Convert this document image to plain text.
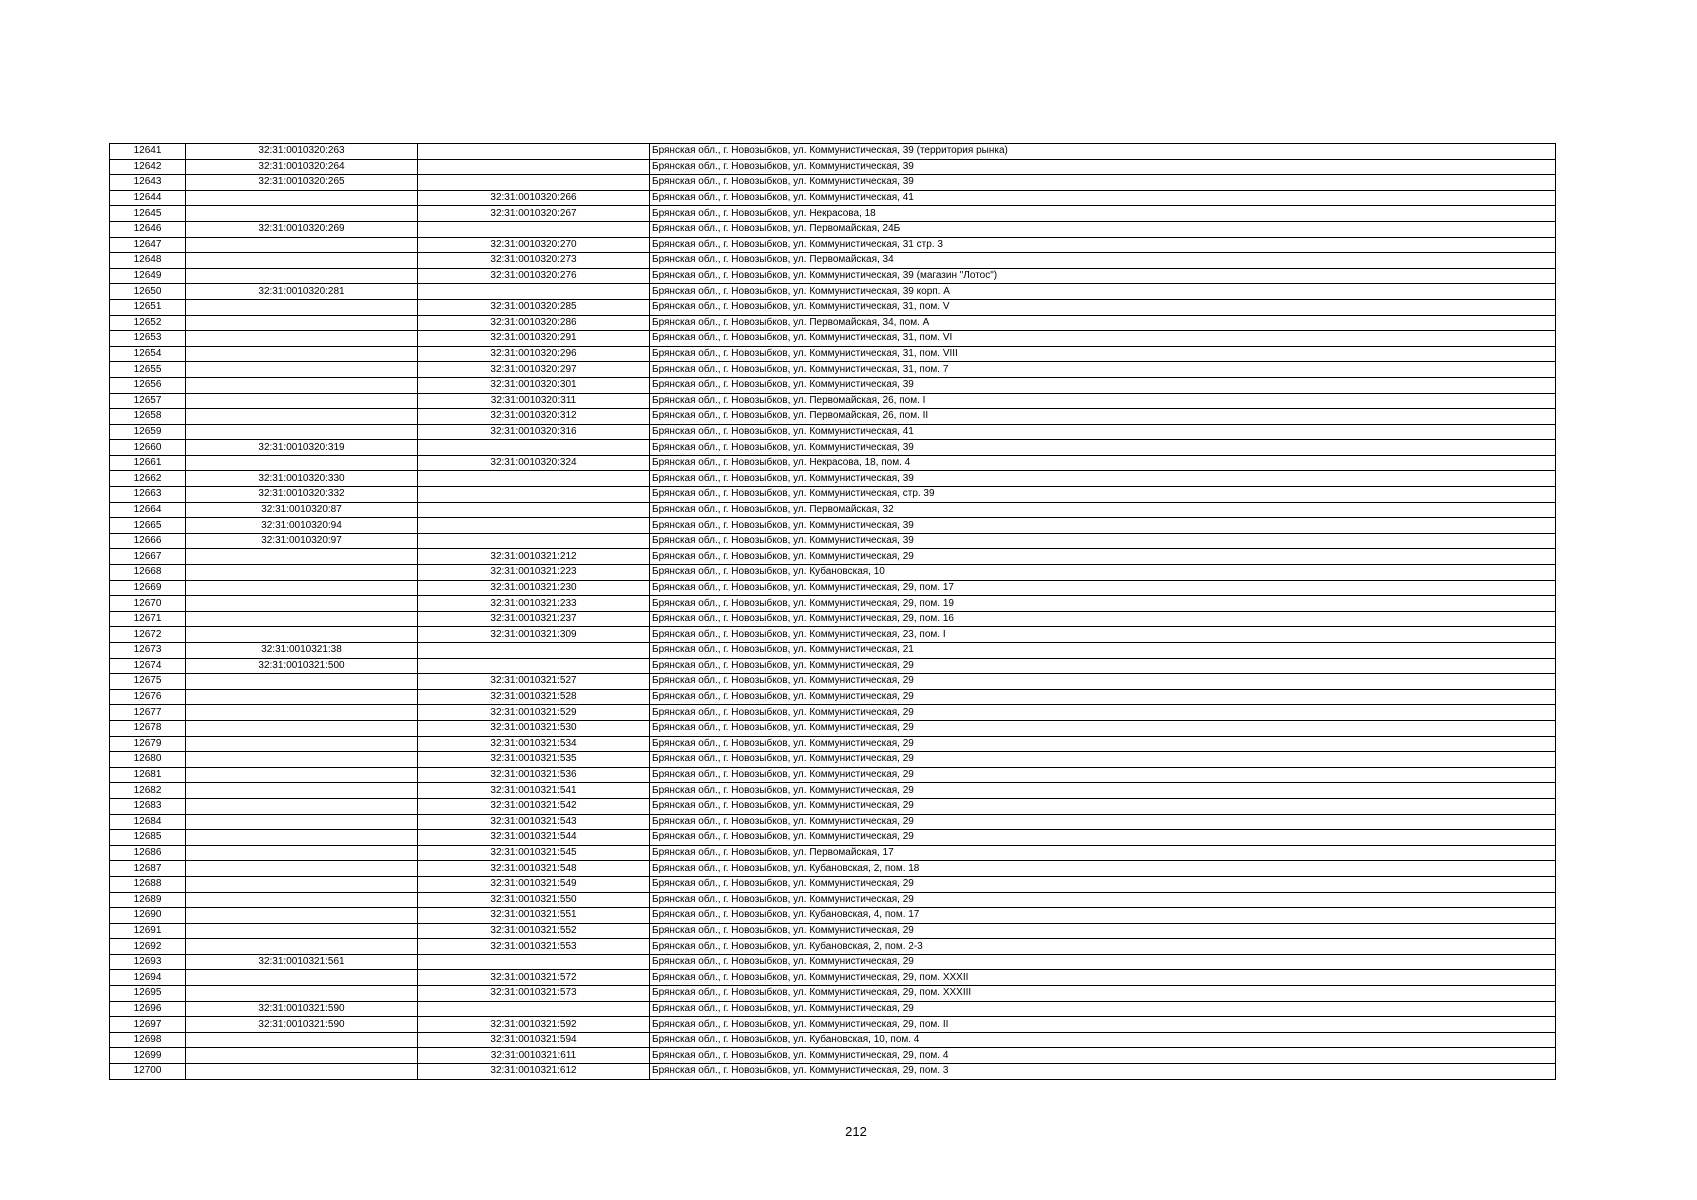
12641	32:31:0010320:263		Брянская обл., г. Новозыбков, ул. Коммунистическая, 39 (территория рынка)
12642	32:31:0010320:264		Брянская обл., г. Новозыбков, ул. Коммунистическая, 39
12643	32:31:0010320:265		Брянская обл., г. Новозыбков, ул. Коммунистическая, 39
12644		32:31:0010320:266	Брянская обл., г. Новозыбков, ул. Коммунистическая, 41
12645		32:31:0010320:267	Брянская обл., г. Новозыбков, ул. Некрасова, 18
12646	32:31:0010320:269		Брянская обл., г. Новозыбков, ул. Первомайская, 24Б
12647		32:31:0010320:270	Брянская обл., г. Новозыбков, ул. Коммунистическая, 31 стр. 3
12648		32:31:0010320:273	Брянская обл., г. Новозыбков, ул. Первомайская, 34
12649		32:31:0010320:276	Брянская обл., г. Новозыбков, ул. Коммунистическая, 39 (магазин "Лотос")
12650	32:31:0010320:281		Брянская обл., г. Новозыбков, ул. Коммунистическая, 39 корп. А
12651		32:31:0010320:285	Брянская обл., г. Новозыбков, ул. Коммунистическая, 31, пом. V
12652		32:31:0010320:286	Брянская обл., г. Новозыбков, ул. Первомайская, 34, пом. А
12653		32:31:0010320:291	Брянская обл., г. Новозыбков, ул. Коммунистическая, 31, пом. VI
12654		32:31:0010320:296	Брянская обл., г. Новозыбков, ул. Коммунистическая, 31, пом. VIII
12655		32:31:0010320:297	Брянская обл., г. Новозыбков, ул. Коммунистическая, 31, пом. 7
12656		32:31:0010320:301	Брянская обл., г. Новозыбков, ул. Коммунистическая, 39
12657		32:31:0010320:311	Брянская обл., г. Новозыбков, ул. Первомайская, 26, пом. I
12658		32:31:0010320:312	Брянская обл., г. Новозыбков, ул. Первомайская, 26, пом. II
12659		32:31:0010320:316	Брянская обл., г. Новозыбков, ул. Коммунистическая, 41
12660	32:31:0010320:319		Брянская обл., г. Новозыбков, ул. Коммунистическая, 39
12661		32:31:0010320:324	Брянская обл., г. Новозыбков, ул. Некрасова, 18, пом. 4
12662	32:31:0010320:330		Брянская обл., г. Новозыбков, ул. Коммунистическая, 39
12663	32:31:0010320:332		Брянская обл., г. Новозыбков, ул. Коммунистическая, стр. 39
12664	32:31:0010320:87		Брянская обл., г. Новозыбков, ул. Первомайская, 32
12665	32:31:0010320:94		Брянская обл., г. Новозыбков, ул. Коммунистическая, 39
12666	32:31:0010320:97		Брянская обл., г. Новозыбков, ул. Коммунистическая, 39
12667		32:31:0010321:212	Брянская обл., г. Новозыбков, ул. Коммунистическая, 29
12668		32:31:0010321:223	Брянская обл., г. Новозыбков, ул. Кубановская, 10
12669		32:31:0010321:230	Брянская обл., г. Новозыбков, ул. Коммунистическая, 29, пом. 17
12670		32:31:0010321:233	Брянская обл., г. Новозыбков, ул. Коммунистическая, 29, пом. 19
12671		32:31:0010321:237	Брянская обл., г. Новозыбков, ул. Коммунистическая, 29, пом. 16
12672		32:31:0010321:309	Брянская обл., г. Новозыбков, ул. Коммунистическая, 23, пом. I
12673	32:31:0010321:38		Брянская обл., г. Новозыбков, ул. Коммунистическая, 21
12674	32:31:0010321:500		Брянская обл., г. Новозыбков, ул. Коммунистическая, 29
12675		32:31:0010321:527	Брянская обл., г. Новозыбков, ул. Коммунистическая, 29
12676		32:31:0010321:528	Брянская обл., г. Новозыбков, ул. Коммунистическая, 29
12677		32:31:0010321:529	Брянская обл., г. Новозыбков, ул. Коммунистическая, 29
12678		32:31:0010321:530	Брянская обл., г. Новозыбков, ул. Коммунистическая, 29
12679		32:31:0010321:534	Брянская обл., г. Новозыбков, ул. Коммунистическая, 29
12680		32:31:0010321:535	Брянская обл., г. Новозыбков, ул. Коммунистическая, 29
12681		32:31:0010321:536	Брянская обл., г. Новозыбков, ул. Коммунистическая, 29
12682		32:31:0010321:541	Брянская обл., г. Новозыбков, ул. Коммунистическая, 29
12683		32:31:0010321:542	Брянская обл., г. Новозыбков, ул. Коммунистическая, 29
12684		32:31:0010321:543	Брянская обл., г. Новозыбков, ул. Коммунистическая, 29
12685		32:31:0010321:544	Брянская обл., г. Новозыбков, ул. Коммунистическая, 29
12686		32:31:0010321:545	Брянская обл., г. Новозыбков, ул. Первомайская, 17
12687		32:31:0010321:548	Брянская обл., г. Новозыбков, ул. Кубановская, 2, пом. 18
12688		32:31:0010321:549	Брянская обл., г. Новозыбков, ул. Коммунистическая, 29
12689		32:31:0010321:550	Брянская обл., г. Новозыбков, ул. Коммунистическая, 29
12690		32:31:0010321:551	Брянская обл., г. Новозыбков, ул. Кубановская, 4, пом. 17
12691		32:31:0010321:552	Брянская обл., г. Новозыбков, ул. Коммунистическая, 29
12692		32:31:0010321:553	Брянская обл., г. Новозыбков, ул. Кубановская, 2, пом. 2-3
12693	32:31:0010321:561		Брянская обл., г. Новозыбков, ул. Коммунистическая, 29
12694		32:31:0010321:572	Брянская обл., г. Новозыбков, ул. Коммунистическая, 29, пом. XXXII
12695		32:31:0010321:573	Брянская обл., г. Новозыбков, ул. Коммунистическая, 29, пом. XXXIII
12696	32:31:0010321:590		Брянская обл., г. Новозыбков, ул. Коммунистическая, 29
12697	32:31:0010321:590	32:31:0010321:592	Брянская обл., г. Новозыбков, ул. Коммунистическая, 29, пом. II
12698		32:31:0010321:594	Брянская обл., г. Новозыбков, ул. Кубановская, 10, пом. 4
12699		32:31:0010321:611	Брянская обл., г. Новозыбков, ул. Коммунистическая, 29, пом. 4
12700		32:31:0010321:612	Брянская обл., г. Новозыбков, ул. Коммунистическая, 29, пом. 3
212
